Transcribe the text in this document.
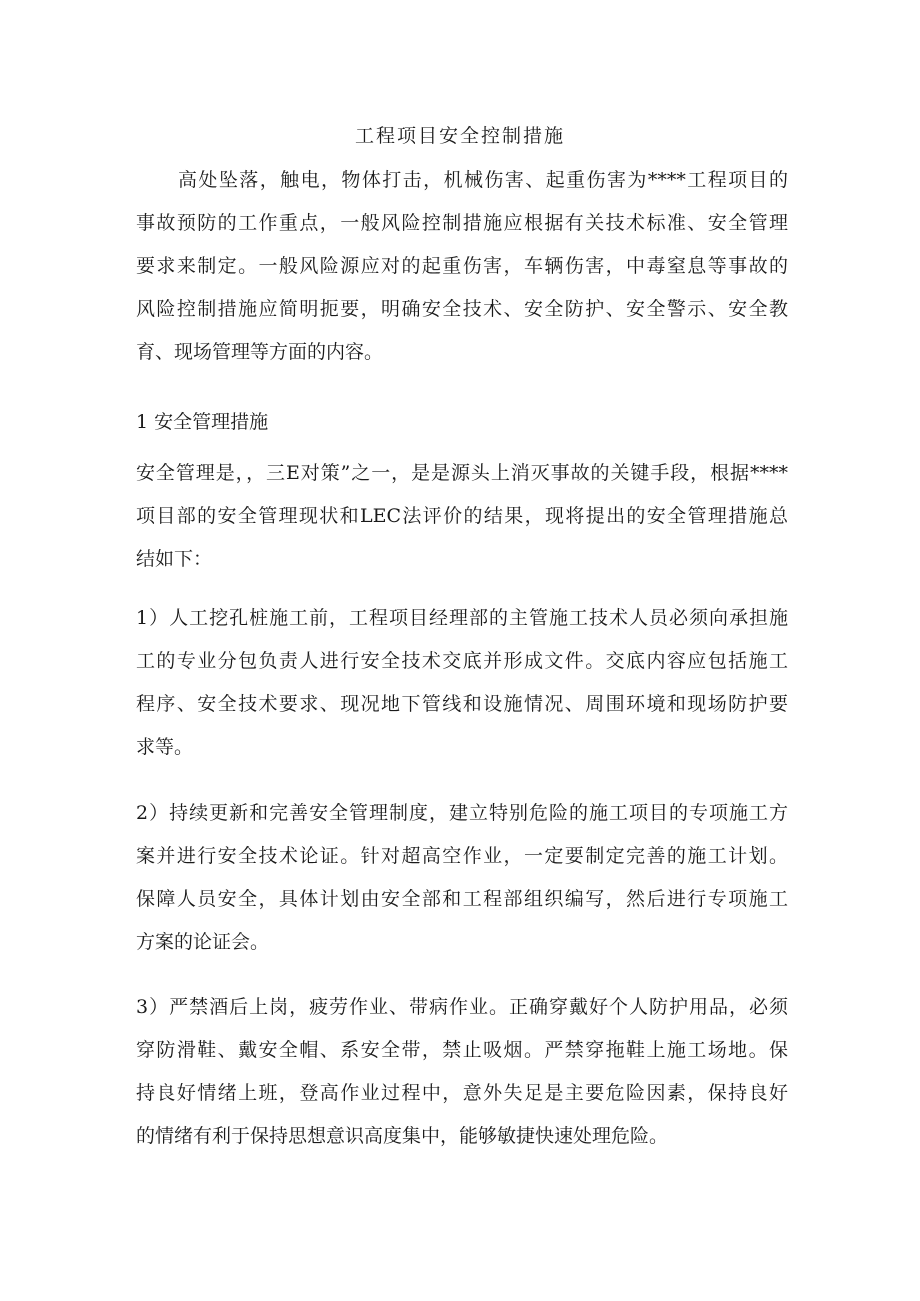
工程项目安全控制措施
高处坠落，触电，物体打击，机械伤害、起重伤害为****工程项目的
事故预防的工作重点，一般风险控制措施应根据有关技术标准、安全管理
要求来制定。一般风险源应对的起重伤害，车辆伤害，中毒窒息等事故的
风险控制措施应简明扼要，明确安全技术、安全防护、安全警示、安全教
育、现场管理等方面的内容。
1 安全管理措施
安全管理是，，三E对策”之一，是是源头上消灭事故的关键手段，根据****
项目部的安全管理现状和LEC法评价的结果，现将提出的安全管理措施总
结如下：
1）人工挖孔桩施工前，工程项目经理部的主管施工技术人员必须向承担施
工的专业分包负责人进行安全技术交底并形成文件。交底内容应包括施工
程序、安全技术要求、现况地下管线和设施情况、周围环境和现场防护要
求等。
2）持续更新和完善安全管理制度，建立特别危险的施工项目的专项施工方
案并进行安全技术论证。针对超高空作业，一定要制定完善的施工计划。
保障人员安全，具体计划由安全部和工程部组织编写，然后进行专项施工
方案的论证会。
3）严禁酒后上岗，疲劳作业、带病作业。正确穿戴好个人防护用品，必须
穿防滑鞋、戴安全帽、系安全带，禁止吸烟。严禁穿拖鞋上施工场地。保
持良好情绪上班，登高作业过程中，意外失足是主要危险因素，保持良好
的情绪有利于保持思想意识高度集中，能够敏捷快速处理危险。
